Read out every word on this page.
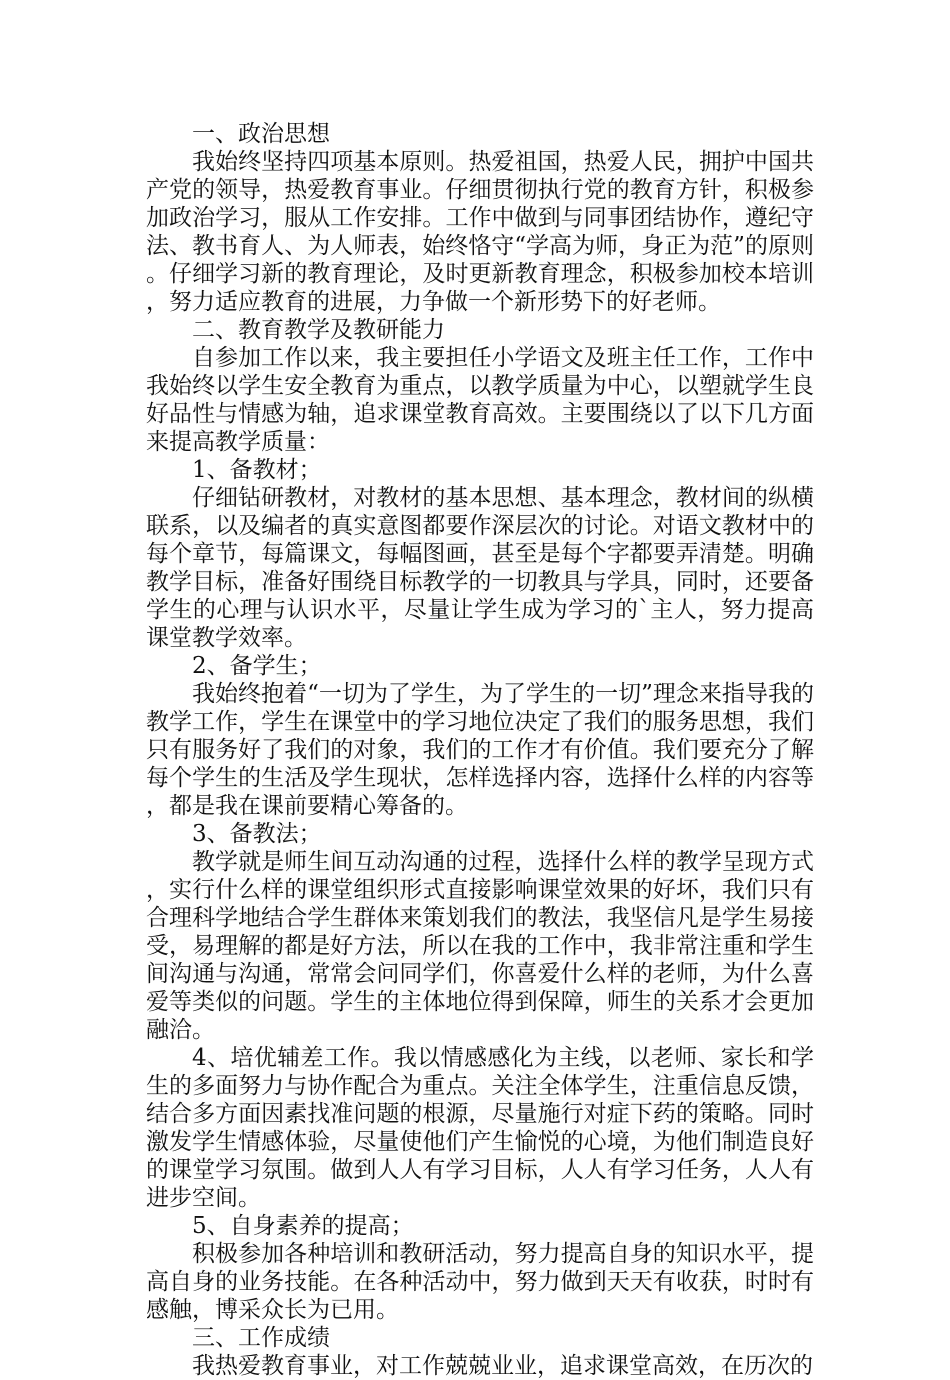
一、政治思想

我始终坚持四项基本原则。热爱祖国，热爱人民，拥护中国共产党的领导，热爱教育事业。仔细贯彻执行党的教育方针，积极参加政治学习，服从工作安排。工作中做到与同事团结协作，遵纪守法、教书育人、为人师表，始终恪守“学高为师，身正为范”的原则。仔细学习新的教育理论，及时更新教育理念，积极参加校本培训，努力适应教育的进展，力争做一个新形势下的好老师。

二、教育教学及教研能力

自参加工作以来，我主要担任小学语文及班主任工作，工作中我始终以学生安全教育为重点，以教学质量为中心，以塑就学生良好品性与情感为轴，追求课堂教育高效。主要围绕以了以下几方面来提高教学质量：

1、备教材；

仔细钻研教材，对教材的基本思想、基本理念，教材间的纵横联系，以及编者的真实意图都要作深层次的讨论。对语文教材中的每个章节，每篇课文，每幅图画，甚至是每个字都要弄清楚。明确教学目标，准备好围绕目标教学的一切教具与学具，同时，还要备学生的心理与认识水平，尽量让学生成为学习的`主人，努力提高课堂教学效率。

2、备学生；

我始终抱着“一切为了学生，为了学生的一切”理念来指导我的教学工作，学生在课堂中的学习地位决定了我们的服务思想，我们只有服务好了我们的对象，我们的工作才有价值。我们要充分了解每个学生的生活及学生现状，怎样选择内容，选择什么样的内容等，都是我在课前要精心筹备的。

3、备教法；

教学就是师生间互动沟通的过程，选择什么样的教学呈现方式，实行什么样的课堂组织形式直接影响课堂效果的好坏，我们只有合理科学地结合学生群体来策划我们的教法，我坚信凡是学生易接受，易理解的都是好方法，所以在我的工作中，我非常注重和学生间沟通与沟通，常常会问同学们，你喜爱什么样的老师，为什么喜爱等类似的问题。学生的主体地位得到保障，师生的关系才会更加融洽。

4、培优辅差工作。我以情感感化为主线，以老师、家长和学生的多面努力与协作配合为重点。关注全体学生，注重信息反馈，结合多方面因素找准问题的根源，尽量施行对症下药的策略。同时激发学生情感体验，尽量使他们产生愉悦的心境，为他们制造良好的课堂学习氛围。做到人人有学习目标，人人有学习任务，人人有进步空间。

5、自身素养的提高；

积极参加各种培训和教研活动，努力提高自身的知识水平，提高自身的业务技能。在各种活动中，努力做到天天有收获，时时有感触，博采众长为已用。

三、工作成绩

我热爱教育事业，对工作兢兢业业，追求课堂高效，在历次的
